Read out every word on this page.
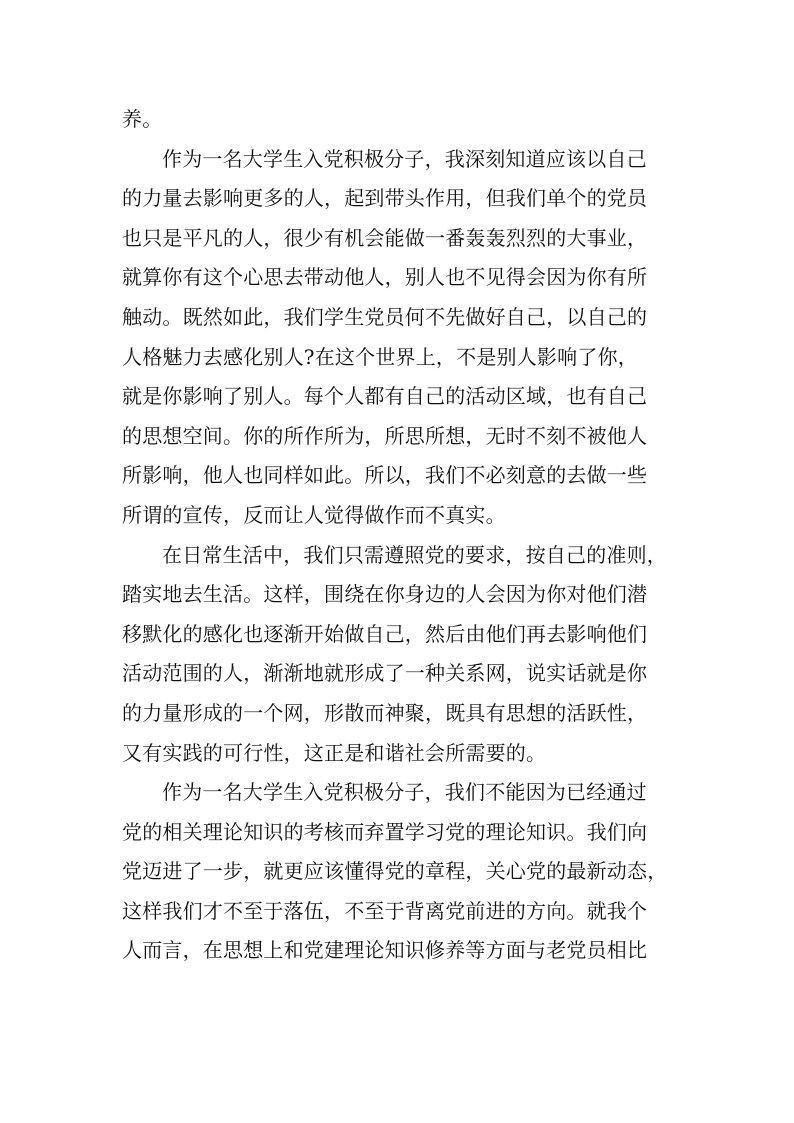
养。
作为一名大学生入党积极分子，我深刻知道应该以自己
的力量去影响更多的人，起到带头作用，但我们单个的党员
也只是平凡的人，很少有机会能做一番轰轰烈烈的大事业，
就算你有这个心思去带动他人，别人也不见得会因为你有所
触动。既然如此，我们学生党员何不先做好自己，以自己的
人格魅力去感化别人?在这个世界上，不是别人影响了你，
就是你影响了别人。每个人都有自己的活动区域，也有自己
的思想空间。你的所作所为，所思所想，无时不刻不被他人
所影响，他人也同样如此。所以，我们不必刻意的去做一些
所谓的宣传，反而让人觉得做作而不真实。
在日常生活中，我们只需遵照党的要求，按自己的准则，
踏实地去生活。这样，围绕在你身边的人会因为你对他们潜
移默化的感化也逐渐开始做自己，然后由他们再去影响他们
活动范围的人，渐渐地就形成了一种关系网，说实话就是你
的力量形成的一个网，形散而神聚，既具有思想的活跃性，
又有实践的可行性，这正是和谐社会所需要的。
作为一名大学生入党积极分子，我们不能因为已经通过
党的相关理论知识的考核而弃置学习党的理论知识。我们向
党迈进了一步，就更应该懂得党的章程，关心党的最新动态，
这样我们才不至于落伍，不至于背离党前进的方向。就我个
人而言，在思想上和党建理论知识修养等方面与老党员相比
